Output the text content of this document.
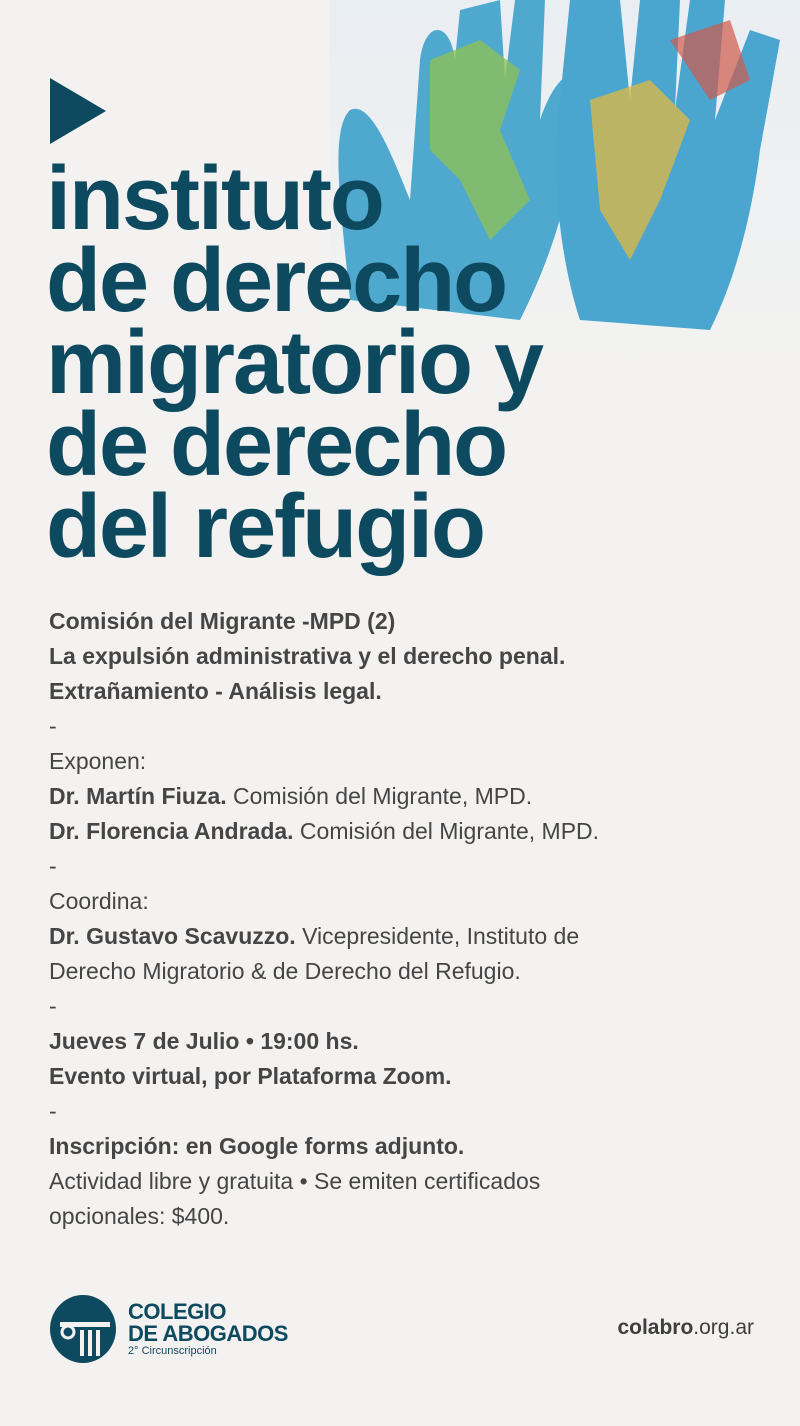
instituto
de derecho
migratorio y
de derecho
del refugio

Comisión del Migrante -MPD (2)

La expulsión administrativa y el derecho penal.

Extrañamiento - Análisis legal.

-

Exponen:

Dr. Martín Fiuza. Comisión del Migrante, MPD.

Dr. Florencia Andrada. Comisión del Migrante, MPD.

-

Coordina:

Dr. Gustavo Scavuzzo. Vicepresidente, Instituto de

Derecho Migratorio & de Derecho del Refugio.

-

Jueves 7 de Julio • 19:00 hs.

Evento virtual, por Plataforma Zoom.

-

Inscripción: en Google forms adjunto.

Actividad libre y gratuita • Se emiten certificados

opcionales: $400.

COLEGIO
DE ABOGADOS
2° Circunscripción
colabro.org.ar
